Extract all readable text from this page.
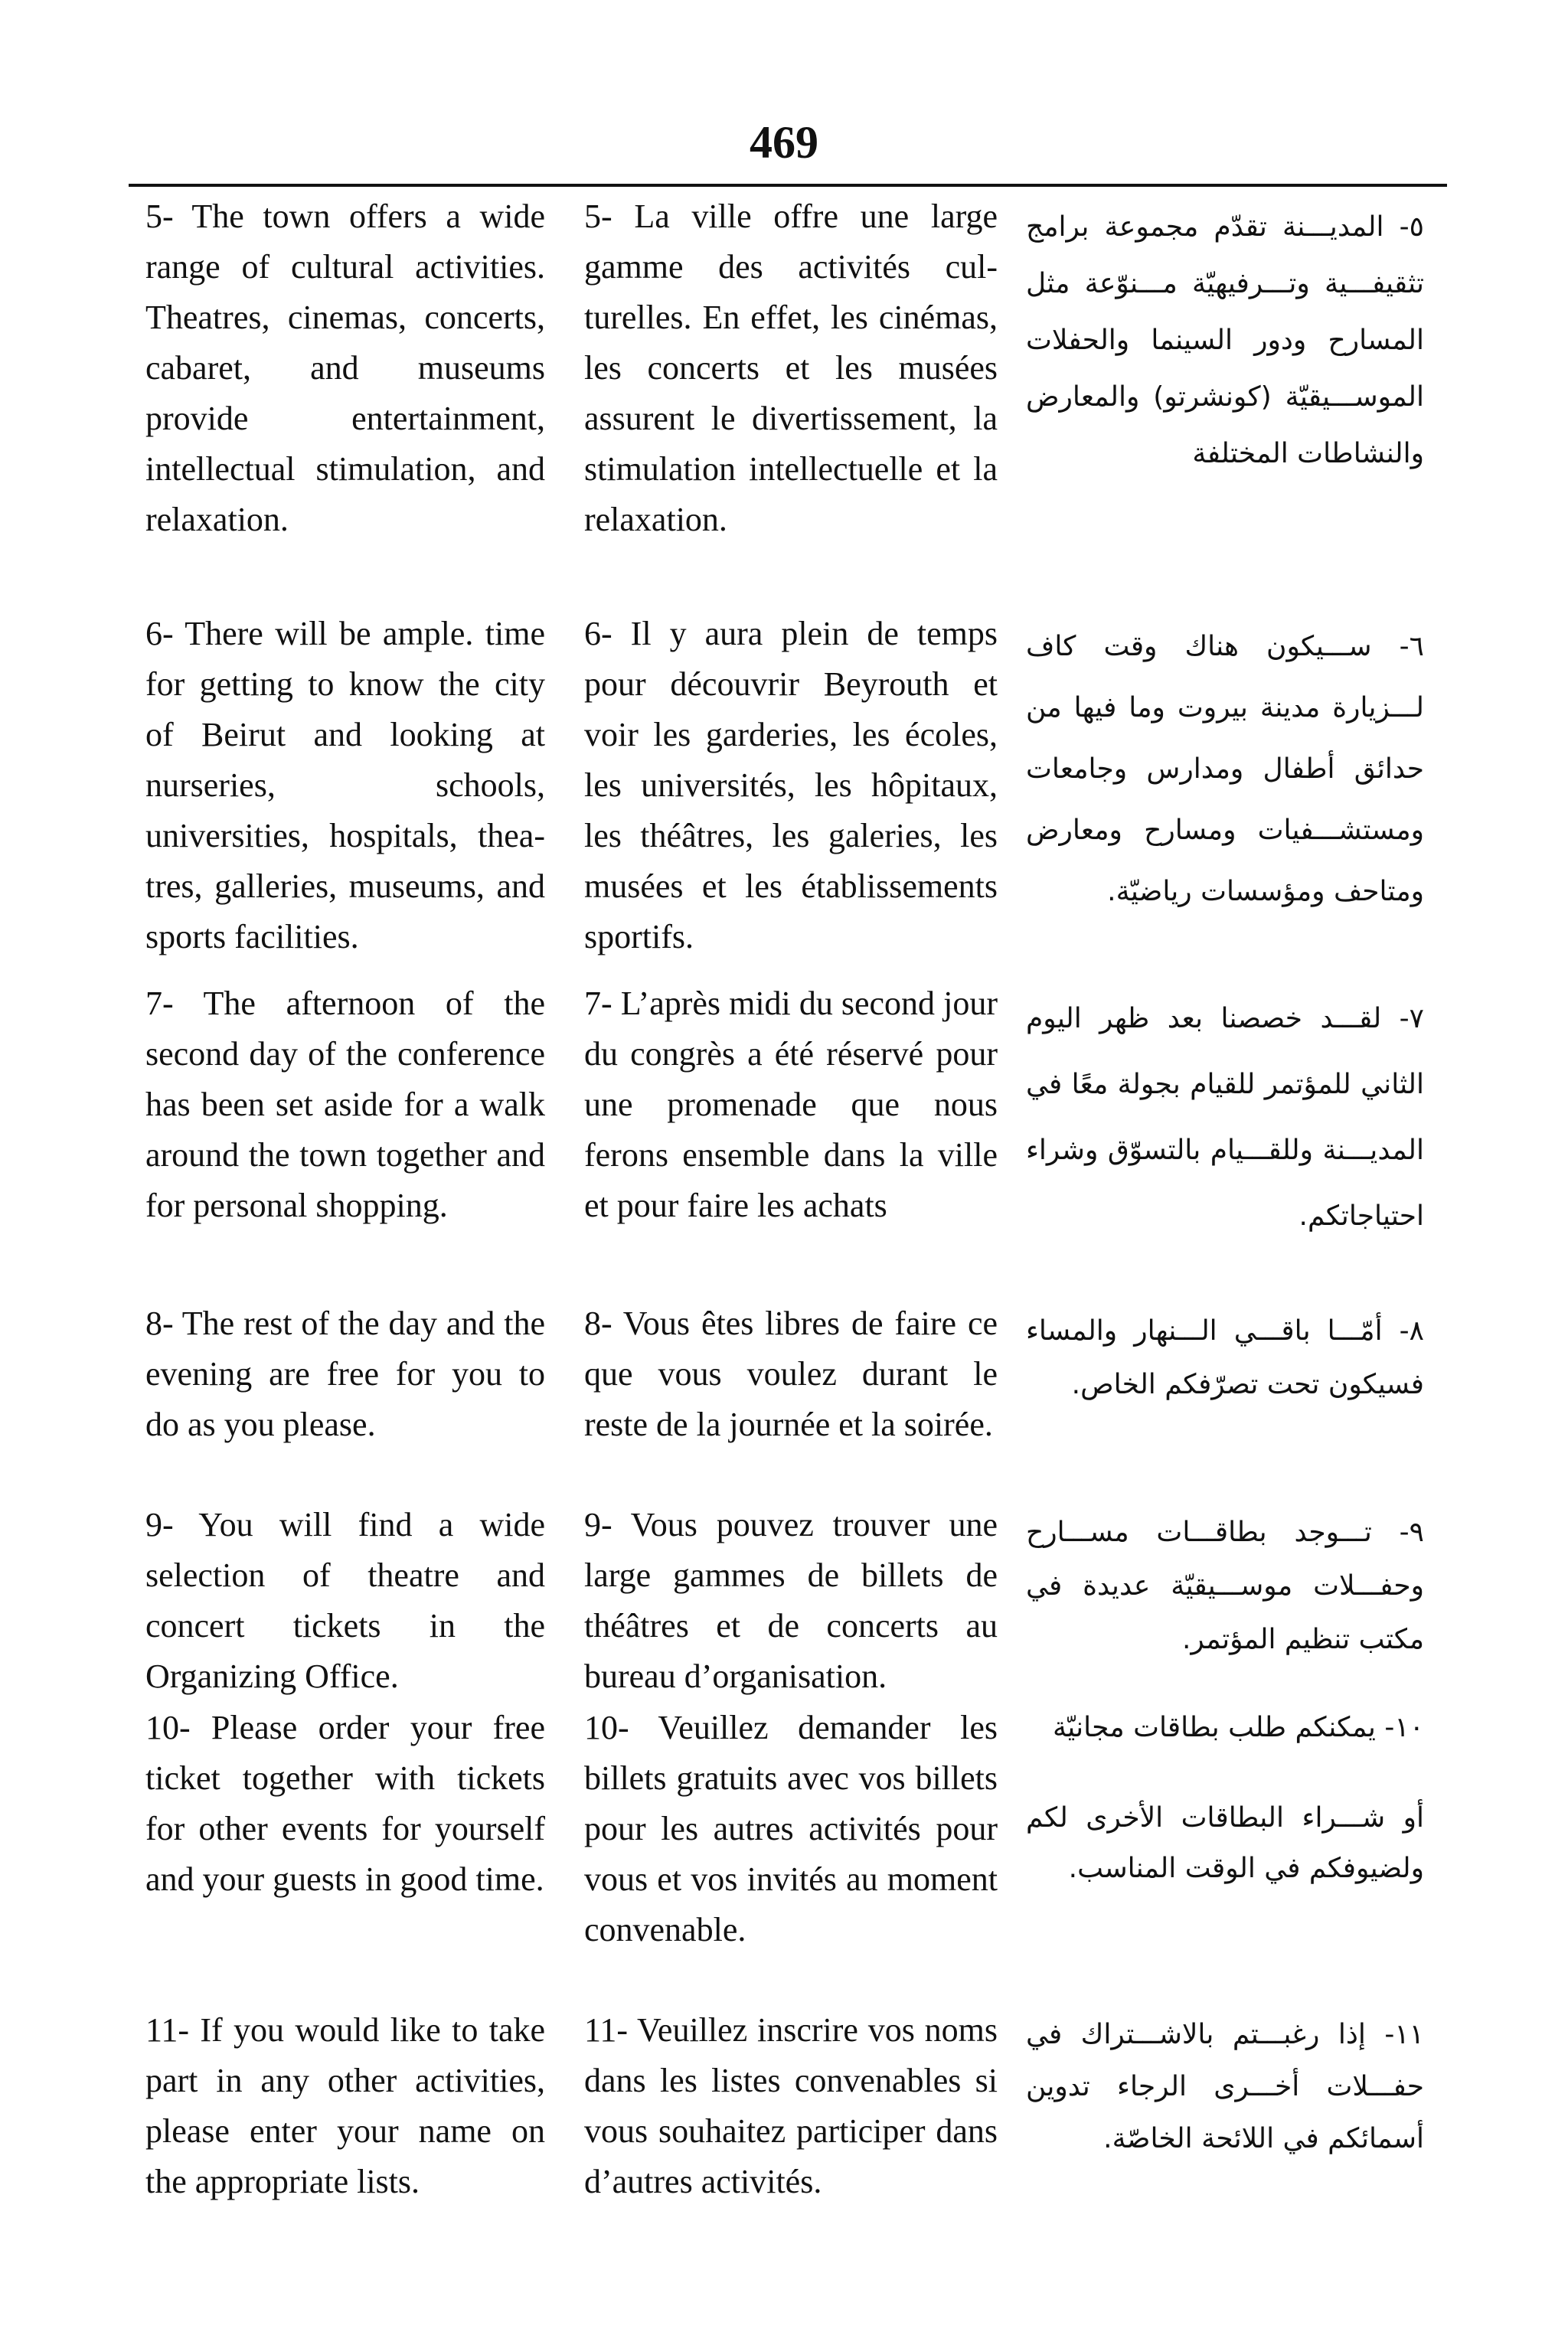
469
5- The town offers a wide range of cultural activities. Theatres, cinemas, concerts, cabaret, and museums provide entertainment, intellectual stimulation, and relaxation.
5- La ville offre une large gamme des activités culturelles. En effet, les cinémas, les concerts et les musées assurent le divertissement, la stimulation intellectuelle et la relaxation.
٥- المديـــنة تقدّم مجموعة برامج
تثقيفـــية وتـــرفيهيّة مـــنوّعة مثل
المسارح ودور السينما والحفلات
الموســـيقيّة (كونشرتو) والمعارض
والنشاطات المختلفة
6- There will be ample. time for getting to know the city of Beirut and looking at nurseries, schools, universities, hospitals, theatres, galleries, museums, and sports facilities.
6- Il y aura plein de temps pour découvrir Beyrouth et voir les garderies, les écoles, les universités, les hôpitaux, les théâtres, les galeries, les musées et les établissements sportifs.
٦- ســـيكون هناك وقت كاف
لـــزيارة مدينة بيروت وما فيها من
حدائق أطفال ومدارس وجامعات
ومستشـــفيات ومسارح ومعارض
ومتاحف ومؤسسات رياضيّة.
7- The afternoon of the second day of the conference has been set aside for a walk around the town together and for personal shopping.
7- L’après midi du second jour du congrès a été réservé pour une promenade que nous ferons ensemble dans la ville et pour faire les achats
٧- لقـــد خصصنا بعد ظهر اليوم
الثاني للمؤتمر للقيام بجولة معًا في
المديـــنة وللقـــيام بالتسوّق وشراء
احتياجاتكم.
8- The rest of the day and the evening are free for you to do as you please.
8- Vous êtes libres de faire ce que vous voulez durant le reste de la journée et la soirée.
٨- أمّـــا باقـــي الـــنهار والمساء
فسيكون تحت تصرّفكم الخاص.
9- You will find a wide selection of theatre and concert tickets in the Organizing Office.
9- Vous pouvez trouver une large gammes de billets de théâtres et de concerts au bureau d’organisation.
٩- تـــوجد بطاقـــات مســـارح
وحفـــلات موســـيقيّة عديدة في
مكتب تنظيم المؤتمر.
10- Please order your free ticket together with tickets for other events for yourself and your guests in good time.
10- Veuillez demander les billets gratuits avec vos billets pour les autres activités pour vous et vos invités au moment convenable.
١٠- يمكنكم طلب بطاقات مجانيّة
أو شـــراء البطاقات الأخرى لكم
ولضيوفكم في الوقت المناسب.
11- If you would like to take part in any other activities, please enter your name on the appropriate lists.
11- Veuillez inscrire vos noms dans les listes convenables si vous souhaitez participer dans d’autres activités.
١١- إذا رغبـــتم بالاشـــتراك في
حفـــلات أخـــرى الرجاء تدوين
أسمائكم في اللائحة الخاصّة.
